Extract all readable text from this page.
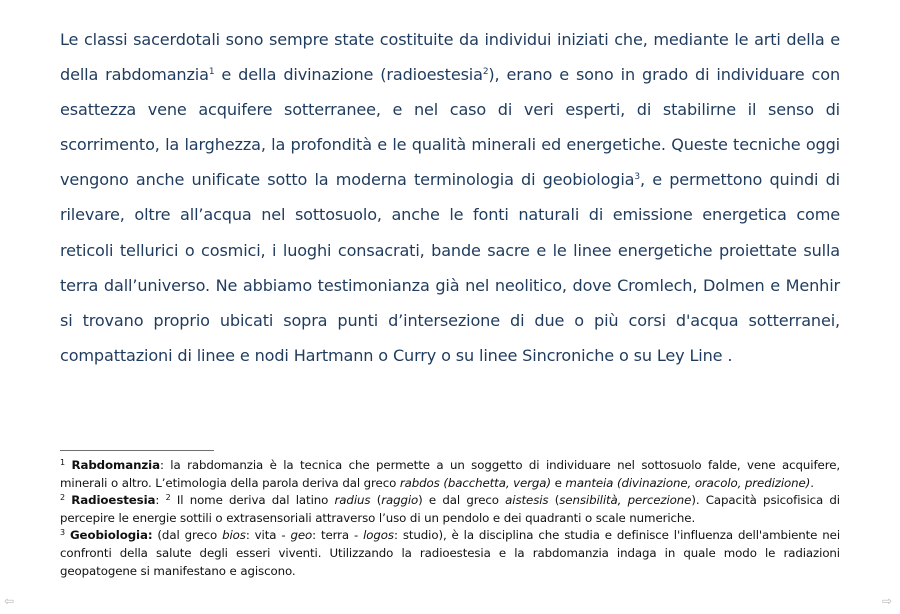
Le classi sacerdotali sono sempre state costituite da individui iniziati che, mediante le arti della e della rabdomanzia$^1$ e della divinazione (radioestesia$^2$), erano e sono in grado di individuare con esattezza vene acquifere sotterranee, e nel caso di veri esperti, di stabilirne il senso di scorrimento, la larghezza, la profondità e le qualità minerali ed energetiche. Queste tecniche oggi vengono anche unificate sotto la moderna terminologia di geobiologia$^3$, e permettono quindi di rilevare, oltre all’acqua nel sottosuolo, anche le fonti naturali di emissione energetica come reticoli tellurici o cosmici, i luoghi consacrati, bande sacre e le linee energetiche proiettate sulla terra dall’universo. Ne abbiamo testimonianza già nel neolitico, dove Cromlech, Dolmen e Menhir si trovano proprio ubicati sopra punti d’intersezione di due o più corsi d'acqua sotterranei, compattazioni di linee e nodi Hartmann o Curry o su linee Sincroniche o su Ley Line .

$^1$ Rabdomanzia: la rabdomanzia è la tecnica che permette a un soggetto di individuare nel sottosuolo falde, vene acquifere, minerali o altro. L’etimologia della parola deriva dal greco rabdos (bacchetta, verga) e manteia (divinazione, oracolo, predizione).

$^2$ Radioestesia: $^2$ Il nome deriva dal latino radius (raggio) e dal greco aistesis (sensibilità, percezione). Capacità psicofisica di percepire le energie sottili o extrasensoriali attraverso l’uso di un pendolo e dei quadranti o scale numeriche.

$^3$ Geobiologia: (dal greco bios: vita - geo: terra - logos: studio), è la disciplina che studia e definisce l'influenza dell'ambiente nei confronti della salute degli esseri viventi. Utilizzando la radioestesia e la rabdomanzia indaga in quale modo le radiazioni geopatogene si manifestano e agiscono.

⇦	⇨
